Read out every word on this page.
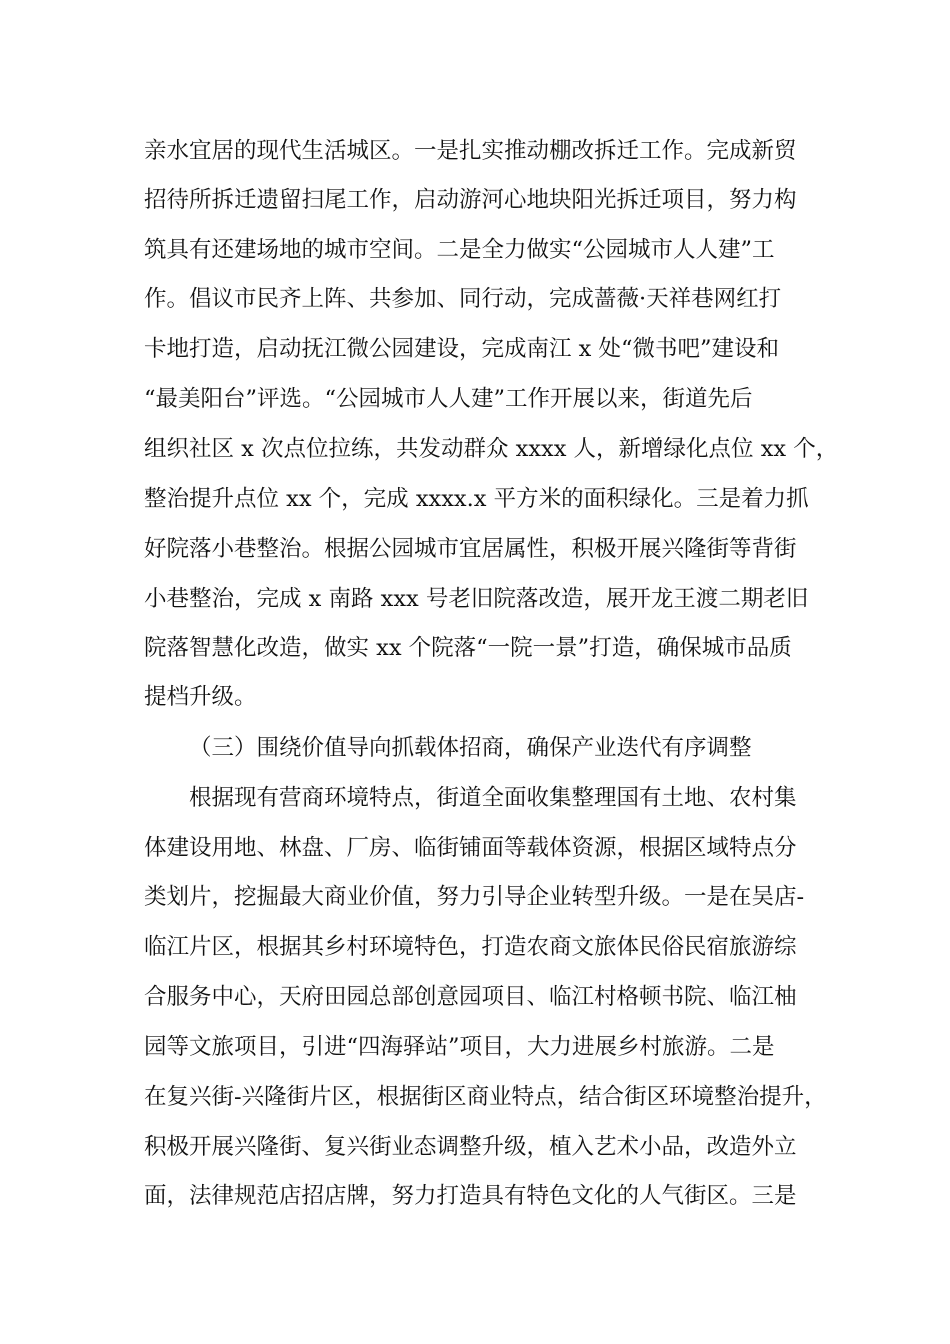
亲水宜居的现代生活城区。一是扎实推动棚改拆迁工作。完成新贸
招待所拆迁遗留扫尾工作，启动游河心地块阳光拆迁项目，努力构
筑具有还建场地的城市空间。二是全力做实“公园城市人人建”工
作。倡议市民齐上阵、共参加、同行动，完成蔷薇·天祥巷网红打
卡地打造，启动抚江微公园建设，完成南江 x 处“微书吧”建设和
“最美阳台”评选。“公园城市人人建”工作开展以来，街道先后
组织社区 x 次点位拉练，共发动群众 xxxx 人，新增绿化点位 xx 个，
整治提升点位 xx 个，完成 xxxx.x 平方米的面积绿化。三是着力抓
好院落小巷整治。根据公园城市宜居属性，积极开展兴隆街等背街
小巷整治，完成 x 南路 xxx 号老旧院落改造，展开龙王渡二期老旧
院落智慧化改造，做实 xx 个院落“一院一景”打造，确保城市品质
提档升级。
（三）围绕价值导向抓载体招商，确保产业迭代有序调整
根据现有营商环境特点，街道全面收集整理国有土地、农村集
体建设用地、林盘、厂房、临街铺面等载体资源，根据区域特点分
类划片，挖掘最大商业价值，努力引导企业转型升级。一是在吴店-
临江片区，根据其乡村环境特色，打造农商文旅体民俗民宿旅游综
合服务中心，天府田园总部创意园项目、临江村格顿书院、临江柚
园等文旅项目，引进“四海驿站”项目，大力进展乡村旅游。二是
在复兴街-兴隆街片区，根据街区商业特点，结合街区环境整治提升，
积极开展兴隆街、复兴街业态调整升级，植入艺术小品，改造外立
面，法律规范店招店牌，努力打造具有特色文化的人气街区。三是
